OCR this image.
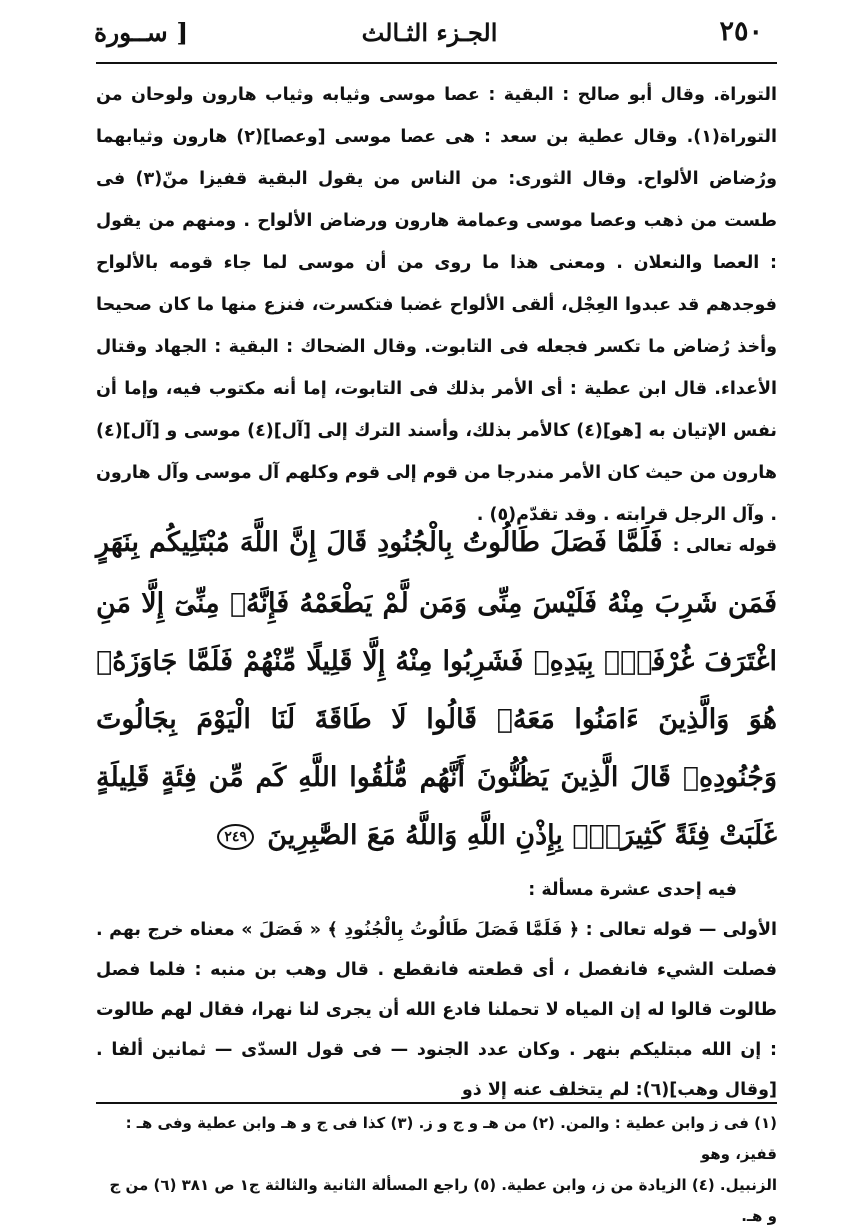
٢٥٠
الجـزء الثـالث
[ ســورة

التوراة. وقال أبو صالح : البقية : عصا موسى وثيابه وثياب هارون ولوحان من التوراة(١). وقال عطية بن سعد : هى عصا موسى [وعصا](٢) هارون وثيابهما ورُضاض الألواح. وقال الثورى: من الناس من يقول البقية قفيزا منّ(٣) فى طست من ذهب وعصا موسى وعمامة هارون ورضاض الألواح . ومنهم من يقول : العصا والنعلان . ومعنى هذا ما روى من أن موسى لما جاء قومه بالألواح فوجدهم قد عبدوا العِجْل، ألقى الألواح غضبا فتكسرت، فنزع منها ما كان صحيحا وأخذ رُضاض ما تكسر فجعله فى التابوت. وقال الضحاك : البقية : الجهاد وقتال الأعداء. قال ابن عطية : أى الأمر بذلك فى التابوت، إما أنه مكتوب فيه، وإما أن نفس الإتيان به [هو](٤) كالأمر بذلك، وأسند الترك إلى [آل](٤) موسى و [آل](٤) هارون من حيث كان الأمر مندرجا من قوم إلى قوم وكلهم آل موسى وآل هارون . وآل الرجل قرابته . وقد تقدّم(٥) .

قوله تعالى : فَلَمَّا فَصَلَ طَالُوتُ بِالْجُنُودِ قَالَ إِنَّ اللَّهَ مُبْتَلِيكُم بِنَهَرٍ فَمَن شَرِبَ مِنْهُ فَلَيْسَ مِنِّى وَمَن لَّمْ يَطْعَمْهُ فَإِنَّهُۥ مِنِّىٓ إِلَّا مَنِ اغْتَرَفَ غُرْفَةًۢ بِيَدِهِۦ فَشَرِبُوا مِنْهُ إِلَّا قَلِيلًا مِّنْهُمْ فَلَمَّا جَاوَزَهُۥ هُوَ وَالَّذِينَ ءَامَنُوا مَعَهُۥ قَالُوا لَا طَاقَةَ لَنَا الْيَوْمَ بِجَالُوتَ وَجُنُودِهِۦ قَالَ الَّذِينَ يَظُنُّونَ أَنَّهُم مُّلَٰقُوا اللَّهِ كَم مِّن فِئَةٍ قَلِيلَةٍ غَلَبَتْ فِئَةً كَثِيرَةًۢ بِإِذْنِ اللَّهِ وَاللَّهُ مَعَ الصَّٰبِرِينَ ٢٤٩

فيه إحدى عشرة مسألة :

الأولى — قوله تعالى : ﴿ فَلَمَّا فَصَلَ طَالُوتُ بِالْجُنُودِ ﴾ « فَصَلَ » معناه خرج بهم . فصلت الشيء فانفصل ، أى قطعته فانقطع . قال وهب بن منبه : فلما فصل طالوت قالوا له إن المياه لا تحملنا فادع الله أن يجرى لنا نهرا، فقال لهم طالوت : إن الله مبتليكم بنهر . وكان عدد الجنود — فى قول السدّى — ثمانين ألفا . [وقال وهب](٦): لم يتخلف عنه إلا ذو

(١) فى ز وابن عطية : والمن. (٢) من هـ و ج و ز. (٣) كذا فى ج و هـ وابن عطية وفى هـ : قفيز، وهو

الزنبيل. (٤) الزيادة من ز، وابن عطية. (٥) راجع المسألة الثانية والثالثة ج١ ص ٣٨١ (٦) من ج و هـ.
